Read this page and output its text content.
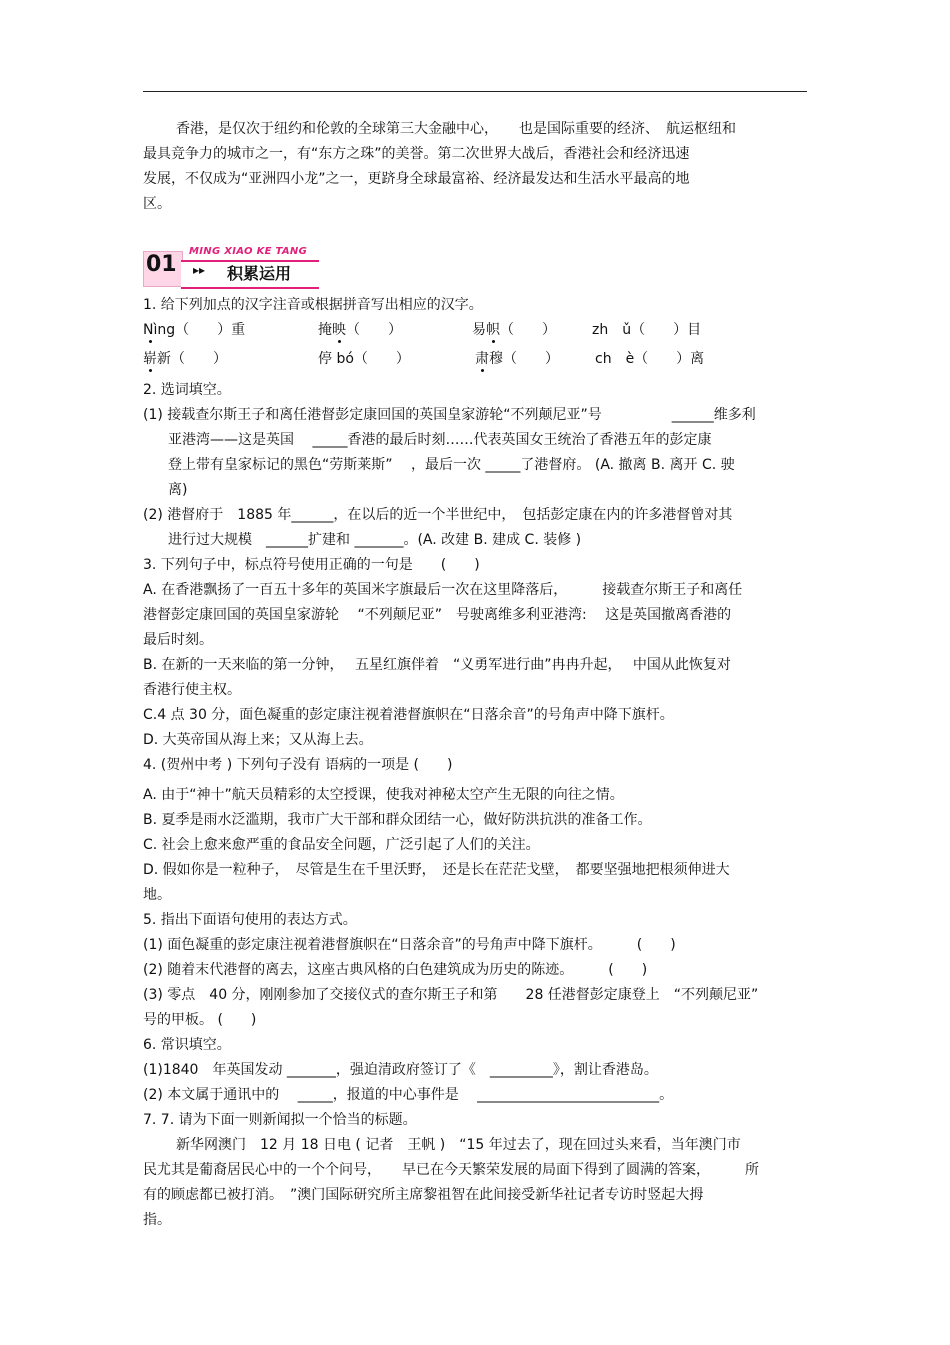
香港，是仅次于纽约和伦敦的全球第三大金融中心，　　也是国际重要的经济、　航运枢纽和
最具竞争力的城市之一，有“东方之珠”的美誉。第二次世界大战后，香港社会和经济迅速
发展，不仅成为“亚洲四小龙”之一，更跻身全球最富裕、经济最发达和生活水平最高的地
区。
01
MING XIAO KE TANG
▸▸ 积累运用
1. 给下列加点的汉字注音或根据拼音写出相应的汉字。
Nìng（　　）重	掩映（　　）	易帜（　　）	zh　ǔ（　　）目
崭新（　　）	停 bó（　　）	肃穆（　　）	ch　è（　　）离
2. 选词填空。
(1) 接载查尔斯王子和离任港督彭定康回国的英国皇家游轮“不列颠尼亚”号　　　　　______维多利
亚港湾——这是英国　 _____香港的最后时刻……代表英国女王统治了香港五年的彭定康
登上带有皇家标记的黑色“劳斯莱斯”　 ，最后一次 _____了港督府。 (A. 撤离 B. 离开 C. 驶
离)
(2) 港督府于　1885 年______，在以后的近一个半世纪中，　包括彭定康在内的许多港督曾对其
进行过大规模　______扩建和 _______。(A. 改建 B. 建成 C. 装修 )
3. 下列句子中，标点符号使用正确的一句是　　(　　)
A. 在香港飘扬了一百五十多年的英国米字旗最后一次在这里降落后，　　　接载查尔斯王子和离任
港督彭定康回国的英国皇家游轮　 “不列颠尼亚”　号驶离维多利亚港湾:　 这是英国撤离香港的
最后时刻。
B. 在新的一天来临的第一分钟，　 五星红旗伴着　“义勇军进行曲”冉冉升起，　 中国从此恢复对
香港行使主权。
C.4 点 30 分，面色凝重的彭定康注视着港督旗帜在“日落余音”的号角声中降下旗杆。
D. 大英帝国从海上来；又从海上去。
4. (贺州中考 ) 下列句子没有 语病的一项是 (　　)
A. 由于“神十”航天员精彩的太空授课，使我对神秘太空产生无限的向往之情。
B. 夏季是雨水泛滥期，我市广大干部和群众团结一心，做好防洪抗洪的准备工作。
C. 社会上愈来愈严重的食品安全问题，广泛引起了人们的关注。
D. 假如你是一粒种子，　尽管是生在千里沃野，　还是长在茫茫戈壁，　都要坚强地把根须伸进大
地。
5. 指出下面语句使用的表达方式。
(1) 面色凝重的彭定康注视着港督旗帜在“日落余音”的号角声中降下旗杆。　　　(　　)
(2) 随着末代港督的离去，这座古典风格的白色建筑成为历史的陈迹。　　　(　　)
(3) 零点　40 分，刚刚参加了交接仪式的查尔斯王子和第　　28 任港督彭定康登上　“不列颠尼亚”
号的甲板。 (　　)
6. 常识填空。
(1)1840　年英国发动 _______，强迫清政府签订了《　_________》，割让香港岛。
(2) 本文属于通讯中的　 _____，报道的中心事件是　 __________________________。
7. 7. 请为下面一则新闻拟一个恰当的标题。
新华网澳门　12 月 18 日电 ( 记者　王帆 )　“15 年过去了，现在回过头来看，当年澳门市
民尤其是葡裔居民心中的一个个问号，　　早已在今天繁荣发展的局面下得到了圆满的答案，　　　所
有的顾虑都已被打消。　”澳门国际研究所主席黎祖智在此间接受新华社记者专访时竖起大拇
指。
